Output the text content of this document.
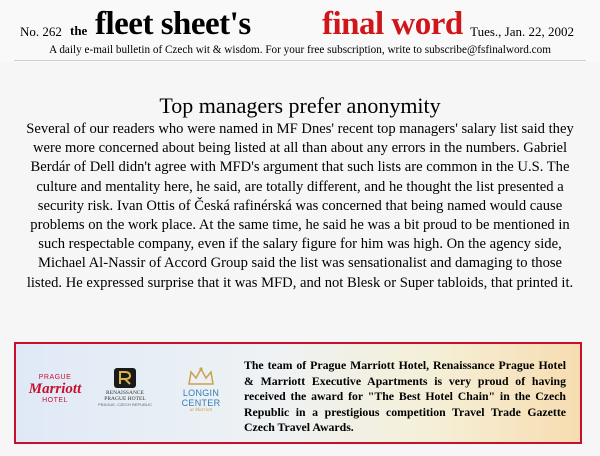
No. 262 the fleet sheet's final word Tues., Jan. 22, 2002
A daily e-mail bulletin of Czech wit & wisdom. For your free subscription, write to subscribe@fsfinalword.com
Top managers prefer anonymity
Several of our readers who were named in MF Dnes' recent top managers' salary list said they were more concerned about being listed at all than about any errors in the numbers. Gabriel Berdár of Dell didn't agree with MFD's argument that such lists are common in the U.S. The culture and mentality here, he said, are totally different, and he thought the list presented a security risk. Ivan Ottis of Česká rafinérská was concerned that being named would cause problems on the work place. At the same time, he said he was a bit proud to be mentioned in such respectable company, even if the salary figure for him was high. On the agency side, Michael Al-Nassir of Accord Group said the list was sensationalist and damaging to those listed. He expressed surprise that it was MFD, and not Blesk or Super tabloids, that printed it.
PRAGUE
Marriott
HOTEL
RENAISSANCE
PRAGUE HOTEL
PRAGUE, CZECH REPUBLIC
LONGIN CENTER
at Marriott
The team of Prague Marriott Hotel, Renaissance Prague Hotel & Marriott Executive Apartments is very proud of having received the award for "The Best Hotel Chain" in the Czech Republic in a prestigious competition Travel Trade Gazette Czech Travel Awards.
